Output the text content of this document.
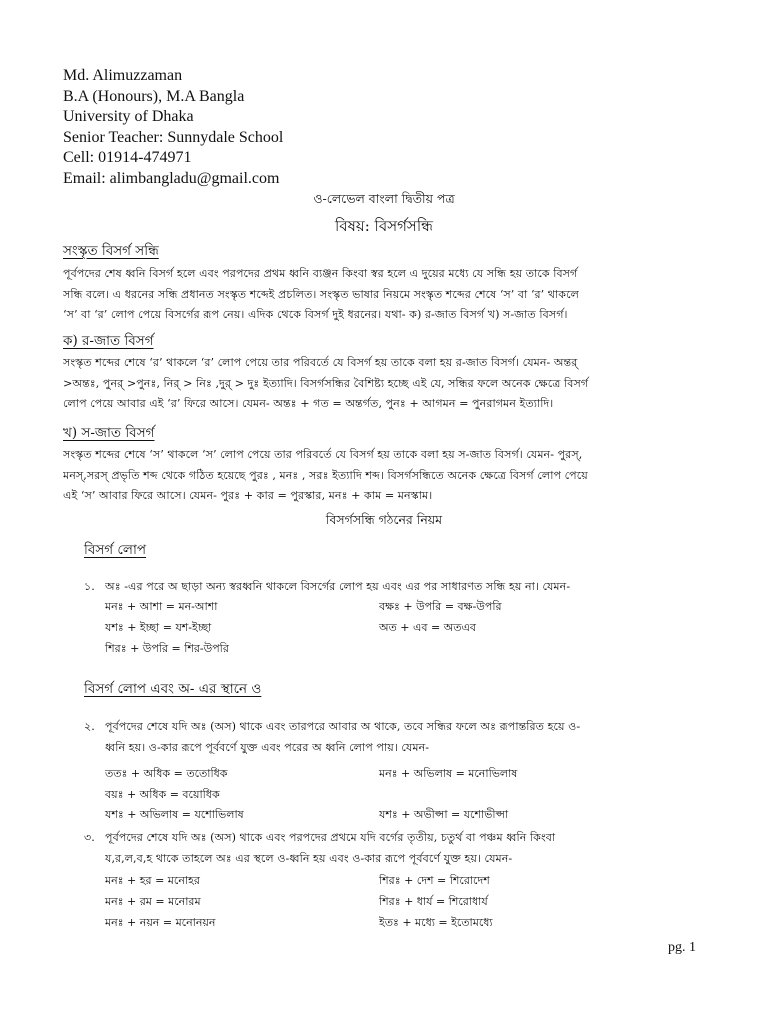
Md. Alimuzzaman
B.A (Honours), M.A Bangla
University of Dhaka
Senior Teacher: Sunnydale School
Cell: 01914-474971
Email: alimbangladu@gmail.com
ও-লেভেল বাংলা দ্বিতীয় পত্র
বিষয়: বিসর্গসন্ধি
সংস্কৃত বিসর্গ সন্ধি
পূর্বপদের শেষ ধ্বনি বিসর্গ হলে এবং পরপদের প্রথম ধ্বনি ব্যঞ্জন কিংবা স্বর হলে এ দুয়ের মধ্যে যে সন্ধি হয় তাকে বিসর্গ
সন্ধি বলে। এ ধরনের সন্ধি প্রধানত সংস্কৃত শব্দেই প্রচলিত। সংস্কৃত ভাষার নিয়মে সংস্কৃত শব্দের শেষে ‘স’ বা ‘র’ থাকলে
‘স’ বা ‘র’ লোপ পেয়ে বিসর্গের রূপ নেয়। এদিক থেকে বিসর্গ দুই ধরনের। যথা- ক) র-জাত বিসর্গ খ) স-জাত বিসর্গ।
ক) র-জাত বিসর্গ
সংস্কৃত শব্দের শেষে ‘র’ থাকলে ‘র’ লোপ পেয়ে তার পরিবর্তে যে বিসর্গ হয় তাকে বলা হয় র-জাত বিসর্গ। যেমন- অন্তর্
>অন্তঃ, পুনর্ >পুনঃ, নির্ > নিঃ ,দুর্ > দুঃ ইত্যাদি। বিসর্গসন্ধির বৈশিষ্ট্য হচ্ছে এই যে, সন্ধির ফলে অনেক ক্ষেত্রে বিসর্গ
লোপ পেয়ে আবার এই ‘র’ ফিরে আসে। যেমন- অন্তঃ + গত = অন্তর্গত, পুনঃ + আগমন = পুনরাগমন ইত্যাদি।
খ) স-জাত বিসর্গ
সংস্কৃত শব্দের শেষে ‘স’ থাকলে ‘স’ লোপ পেয়ে তার পরিবর্তে যে বিসর্গ হয় তাকে বলা হয় স-জাত বিসর্গ। যেমন- পুরস্,
মনস্,সরস্ প্রভৃতি শব্দ থেকে গঠিত হয়েছে পুরঃ , মনঃ , সরঃ ইত্যাদি শব্দ। বিসর্গসন্ধিতে অনেক ক্ষেত্রে বিসর্গ লোপ পেয়ে
এই ‘স’ আবার ফিরে আসে। যেমন- পুরঃ + কার = পুরস্কার, মনঃ + কাম = মনস্কাম।
বিসর্গসন্ধি গঠনের নিয়ম
বিসর্গ লোপ
১. অঃ -এর পরে অ ছাড়া অন্য স্বরধ্বনি থাকলে বিসর্গের লোপ হয় এবং এর পর সাধারণত সন্ধি হয় না। যেমন-
মনঃ + আশা = মন-আশা
যশঃ + ইচ্ছা = যশ-ইচ্ছা
শিরঃ + উপরি = শির-উপরি
বক্ষঃ + উপরি = বক্ষ-উপরি
অত + এব = অতএব
বিসর্গ লোপ এবং অ- এর স্থানে ও
২. পূর্বপদের শেষে যদি অঃ (অস) থাকে এবং তারপরে আবার অ থাকে, তবে সন্ধির ফলে অঃ রূপান্তরিত হয়ে ও-
ধ্বনি হয়। ও-কার রূপে পূর্ববর্ণে যুক্ত এবং পরের অ ধ্বনি লোপ পায়। যেমন-
ততঃ + অধিক = ততোধিক
বয়ঃ + অধিক = বয়োধিক
যশঃ + অভিলাষ = যশোভিলাষ
মনঃ + অভিলাষ = মনোভিলাষ
যশঃ + অভীপ্সা = যশোভীপ্সা
৩. পূর্বপদের শেষে যদি অঃ (অস) থাকে এবং পরপদের প্রথমে যদি বর্গের তৃতীয়, চতুর্থ বা পঞ্চম ধ্বনি কিংবা
য,র,ল,ব,হ থাকে তাহলে অঃ এর স্থলে ও-ধ্বনি হয় এবং ও-কার রূপে পূর্ববর্ণে যুক্ত হয়। যেমন-
মনঃ + হর = মনোহর
মনঃ + রম = মনোরম
মনঃ + নয়ন = মনোনয়ন
শিরঃ + দেশ = শিরোদেশ
শিরঃ + ধার্য = শিরোধার্য
ইতঃ + মধ্যে = ইতোমধ্যে
pg. 1
